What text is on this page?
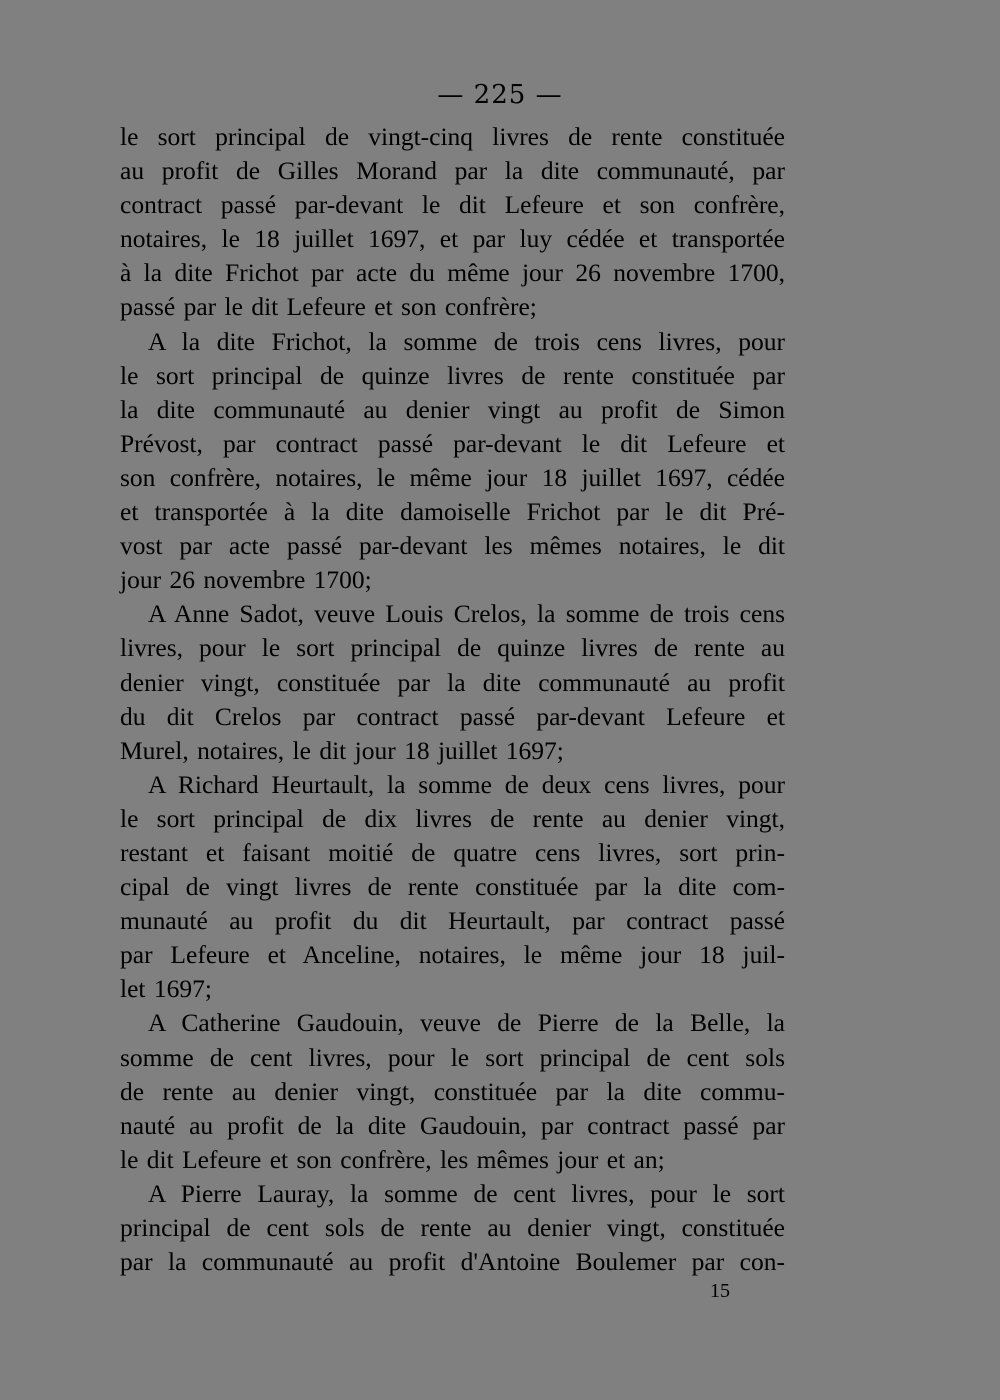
— 225 —
le sort principal de vingt-cinq livres de rente constituée
au profit de Gilles Morand par la dite communauté, par
contract passé par-devant le dit Lefeure et son confrère,
notaires, le 18 juillet 1697, et par luy cédée et transportée
à la dite Frichot par acte du même jour 26 novembre 1700,
passé par le dit Lefeure et son confrère;
A la dite Frichot, la somme de trois cens livres, pour
le sort principal de quinze livres de rente constituée par
la dite communauté au denier vingt au profit de Simon
Prévost, par contract passé par-devant le dit Lefeure et
son confrère, notaires, le même jour 18 juillet 1697, cédée
et transportée à la dite damoiselle Frichot par le dit Pré-
vost par acte passé par-devant les mêmes notaires, le dit
jour 26 novembre 1700;
A Anne Sadot, veuve Louis Crelos, la somme de trois cens
livres, pour le sort principal de quinze livres de rente au
denier vingt, constituée par la dite communauté au profit
du dit Crelos par contract passé par-devant Lefeure et
Murel, notaires, le dit jour 18 juillet 1697;
A Richard Heurtault, la somme de deux cens livres, pour
le sort principal de dix livres de rente au denier vingt,
restant et faisant moitié de quatre cens livres, sort prin-
cipal de vingt livres de rente constituée par la dite com-
munauté au profit du dit Heurtault, par contract passé
par Lefeure et Anceline, notaires, le même jour 18 juil-
let 1697;
A Catherine Gaudouin, veuve de Pierre de la Belle, la
somme de cent livres, pour le sort principal de cent sols
de rente au denier vingt, constituée par la dite commu-
nauté au profit de la dite Gaudouin, par contract passé par
le dit Lefeure et son confrère, les mêmes jour et an;
A Pierre Lauray, la somme de cent livres, pour le sort
principal de cent sols de rente au denier vingt, constituée
par la communauté au profit d'Antoine Boulemer par con-
15
